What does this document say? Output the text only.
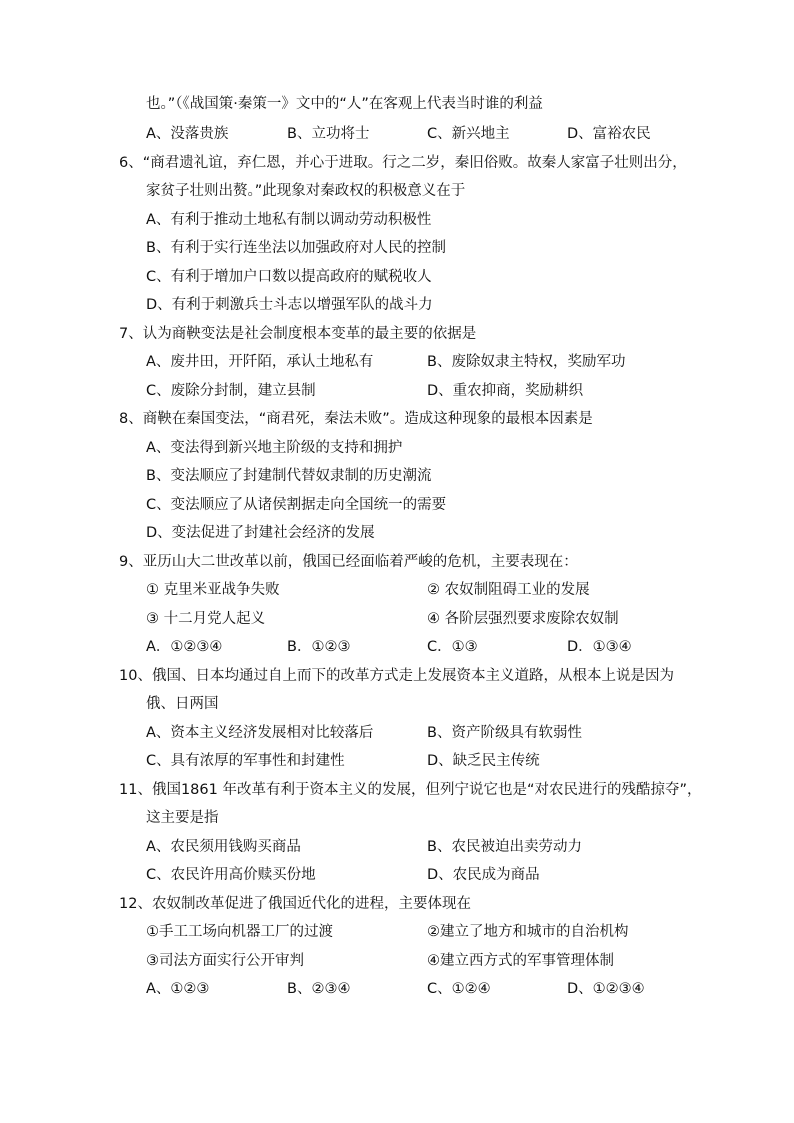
也。”（《战国策·秦策一》文中的“人”在客观上代表当时谁的利益
A、没落贵族	B、立功将士	C、新兴地主	D、富裕农民
6、“商君遗礼谊，弃仁恩，并心于进取。行之二岁，秦旧俗败。故秦人家富子壮则出分，
家贫子壮则出赘。”此现象对秦政权的积极意义在于
A、有利于推动土地私有制以调动劳动积极性
B、有利于实行连坐法以加强政府对人民的控制
C、有利于增加户口数以提高政府的赋税收人
D、有利于刺激兵士斗志以增强军队的战斗力
7、认为商鞅变法是社会制度根本变革的最主要的依据是
A、废井田，开阡陌，承认土地私有	B、废除奴隶主特权，奖励军功
C、废除分封制，建立县制	D、重农抑商，奖励耕织
8、商鞅在秦国变法，“商君死，秦法未败”。造成这种现象的最根本因素是
A、变法得到新兴地主阶级的支持和拥护
B、变法顺应了封建制代替奴隶制的历史潮流
C、变法顺应了从诸侯割据走向全国统一的需要
D、变法促进了封建社会经济的发展
9、亚历山大二世改革以前，俄国已经面临着严峻的危机，主要表现在：
① 克里米亚战争失败	② 农奴制阻碍工业的发展
③ 十二月党人起义	④ 各阶层强烈要求废除农奴制
A．①②③④	B．①②③	C．①③	D．①③④
10、俄国、日本均通过自上而下的改革方式走上发展资本主义道路，从根本上说是因为
俄、日两国
A、资本主义经济发展相对比较落后	B、资产阶级具有软弱性
C、具有浓厚的军事性和封建性	D、缺乏民主传统
11、俄国1861 年改革有利于资本主义的发展，但列宁说它也是“对农民进行的残酷掠夺”，
这主要是指
A、农民须用钱购买商品	B、农民被迫出卖劳动力
C、农民许用高价赎买份地	D、农民成为商品
12、农奴制改革促进了俄国近代化的进程，主要体现在
①手工工场向机器工厂的过渡	②建立了地方和城市的自治机构
③司法方面实行公开审判	④建立西方式的军事管理体制
A、①②③	B、②③④	C、①②④	D、①②③④
